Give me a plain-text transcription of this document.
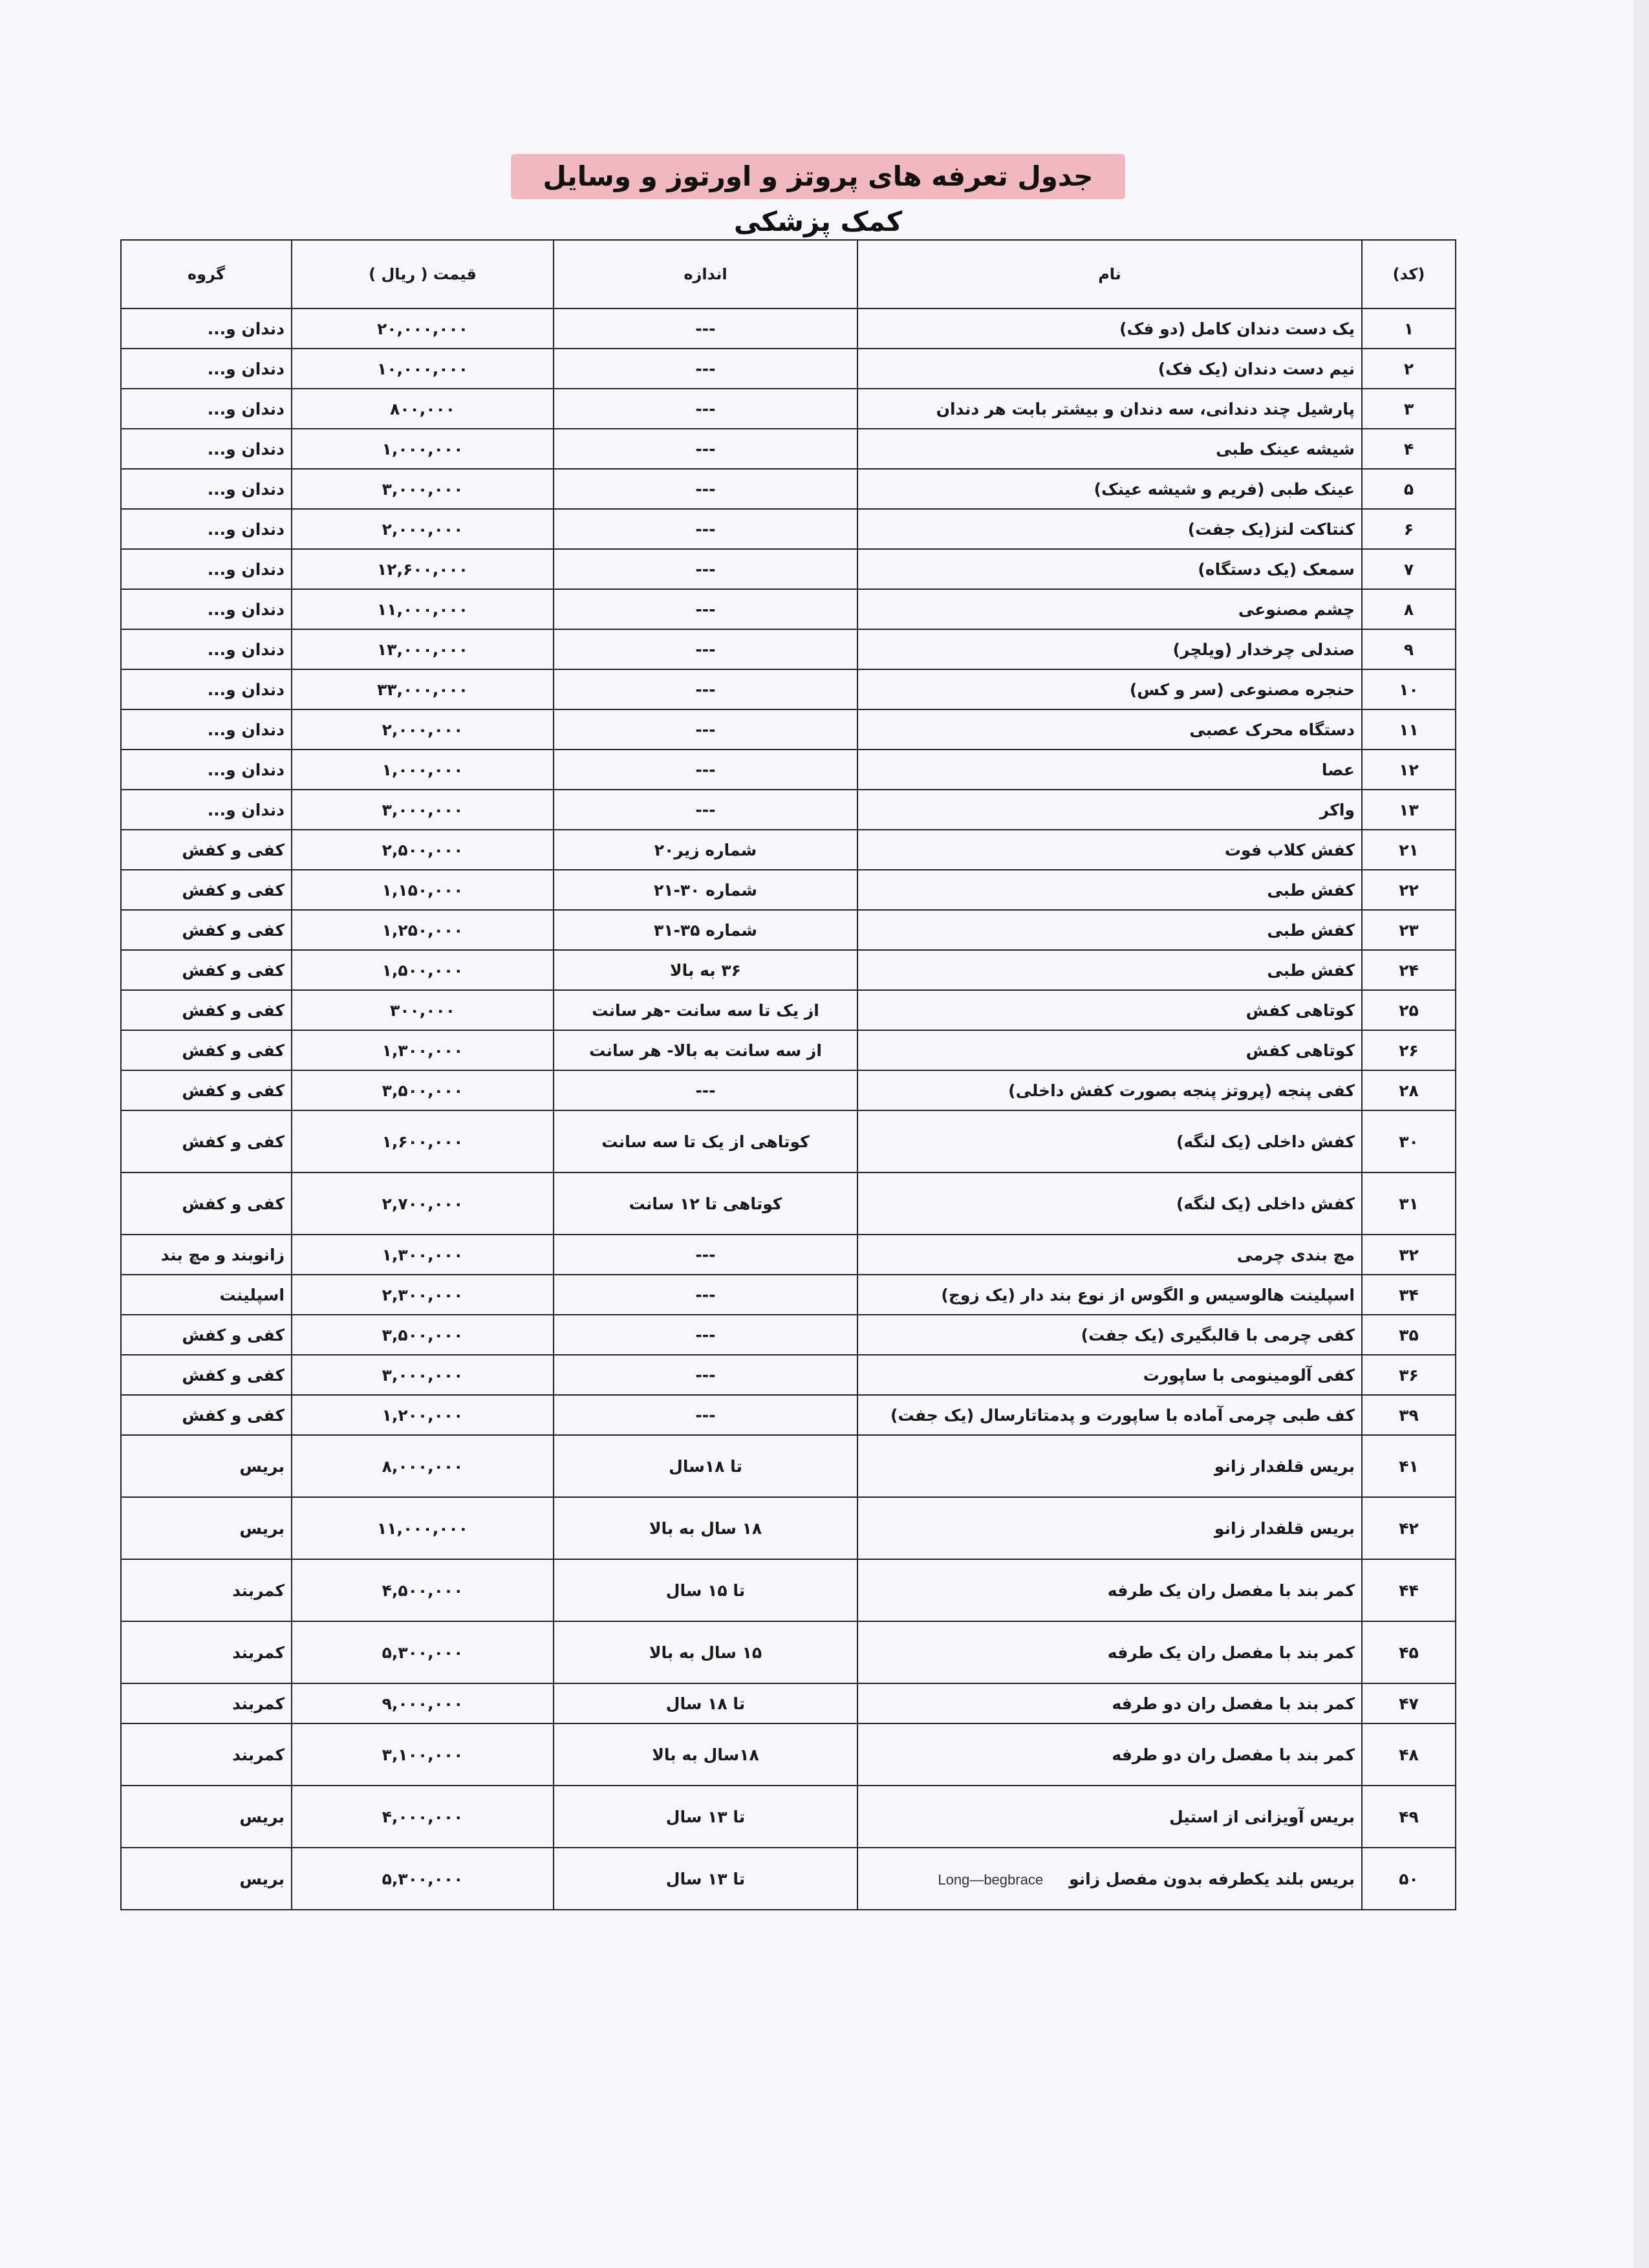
جدول تعرفه های پروتز و اورتوز و وسایل کمک پزشکی
(کد)	نام	اندازه	قیمت ( ریال )	گروه
۱	یک دست دندان کامل (دو فک)	---	۲۰,۰۰۰,۰۰۰	دندان و...
۲	نیم دست دندان (یک فک)	---	۱۰,۰۰۰,۰۰۰	دندان و...
۳	پارشیل چند دندانی، سه دندان و بیشتر بابت هر دندان	---	۸۰۰,۰۰۰	دندان و...
۴	شیشه عینک طبی	---	۱,۰۰۰,۰۰۰	دندان و...
۵	عینک طبی (فریم و شیشه عینک)	---	۳,۰۰۰,۰۰۰	دندان و...
۶	کنتاکت لنز(یک جفت)	---	۲,۰۰۰,۰۰۰	دندان و...
۷	سمعک (یک دستگاه)	---	۱۲,۶۰۰,۰۰۰	دندان و...
۸	چشم مصنوعی	---	۱۱,۰۰۰,۰۰۰	دندان و...
۹	صندلی چرخدار (ویلچر)	---	۱۳,۰۰۰,۰۰۰	دندان و...
۱۰	حنجره مصنوعی (سر و کس)	---	۳۳,۰۰۰,۰۰۰	دندان و...
۱۱	دستگاه محرک عصبی	---	۲,۰۰۰,۰۰۰	دندان و...
۱۲	عصا	---	۱,۰۰۰,۰۰۰	دندان و...
۱۳	واکر	---	۳,۰۰۰,۰۰۰	دندان و...
۲۱	کفش کلاب فوت	شماره زیر۲۰	۲,۵۰۰,۰۰۰	کفی و کفش
۲۲	کفش طبی	شماره ۳۰-۲۱	۱,۱۵۰,۰۰۰	کفی و کفش
۲۳	کفش طبی	شماره ۳۵-۳۱	۱,۲۵۰,۰۰۰	کفی و کفش
۲۴	کفش طبی	۳۶ به بالا	۱,۵۰۰,۰۰۰	کفی و کفش
۲۵	کوتاهی کفش	از یک تا سه سانت -هر سانت	۳۰۰,۰۰۰	کفی و کفش
۲۶	کوتاهی کفش	از سه سانت به بالا- هر سانت	۱,۳۰۰,۰۰۰	کفی و کفش
۲۸	کفی پنجه (پروتز پنجه بصورت کفش داخلی)	---	۳,۵۰۰,۰۰۰	کفی و کفش
۳۰	کفش داخلی (یک لنگه)	کوتاهی از یک تا سه سانت	۱,۶۰۰,۰۰۰	کفی و کفش
۳۱	کفش داخلی (یک لنگه)	کوتاهی تا ۱۲ سانت	۲,۷۰۰,۰۰۰	کفی و کفش
۳۲	مچ بندی چرمی	---	۱,۳۰۰,۰۰۰	زانوبند و مچ بند
۳۴	اسپلینت هالوسیس و الگوس از نوع بند دار (یک زوج)	---	۲,۳۰۰,۰۰۰	اسپلینت
۳۵	کفی چرمی با قالبگیری (یک جفت)	---	۳,۵۰۰,۰۰۰	کفی و کفش
۳۶	کفی آلومینومی با ساپورت	---	۳,۰۰۰,۰۰۰	کفی و کفش
۳۹	کف طبی چرمی آماده با ساپورت و پدمتاتارسال (یک جفت)	---	۱,۲۰۰,۰۰۰	کفی و کفش
۴۱	بریس قلفدار زانو	تا ۱۸سال	۸,۰۰۰,۰۰۰	بریس
۴۲	بریس قلفدار زانو	۱۸ سال به بالا	۱۱,۰۰۰,۰۰۰	بریس
۴۴	کمر بند با مفصل ران یک طرفه	تا ۱۵ سال	۴,۵۰۰,۰۰۰	کمربند
۴۵	کمر بند با مفصل ران یک طرفه	۱۵ سال به بالا	۵,۳۰۰,۰۰۰	کمربند
۴۷	کمر بند با مفصل ران دو طرفه	تا ۱۸ سال	۹,۰۰۰,۰۰۰	کمربند
۴۸	کمر بند با مفصل ران دو طرفه	۱۸سال به بالا	۳,۱۰۰,۰۰۰	کمربند
۴۹	بریس آویزانی از استیل	تا ۱۳ سال	۴,۰۰۰,۰۰۰	بریس
۵۰	بریس بلند یکطرفه بدون مفصل زانوLong—begbrace	تا ۱۳ سال	۵,۳۰۰,۰۰۰	بریس
